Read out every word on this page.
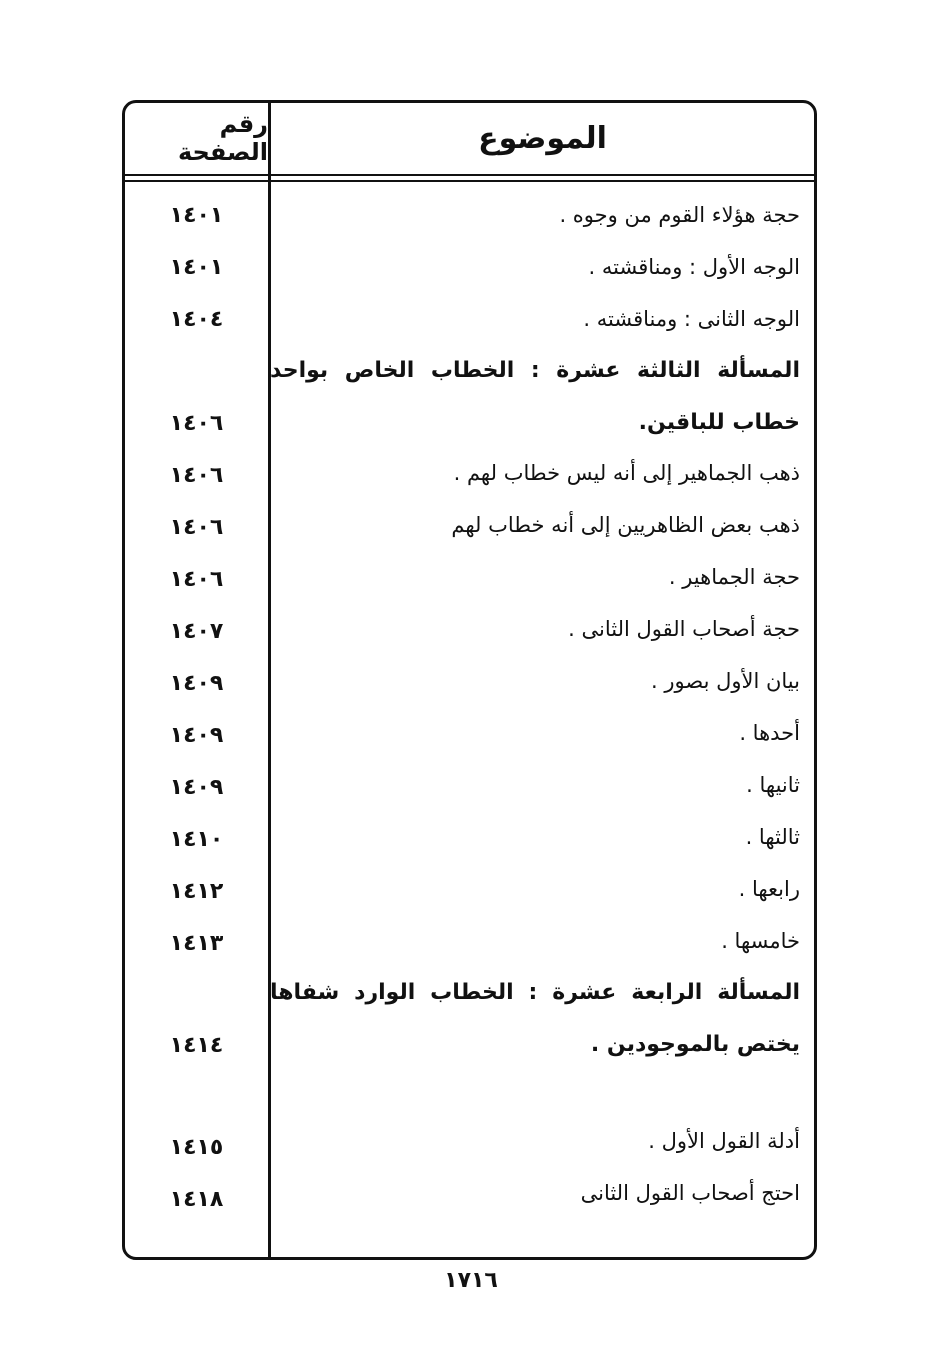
الموضوع
رقم الصفحة
حجة هؤلاء القوم من وجوه .
١٤٠١
الوجه الأول : ومناقشته .
١٤٠١
الوجه الثانى : ومناقشته .
١٤٠٤
المسألة الثالثة عشرة : الخطاب الخاص بواحد خطاب للباقين.
١٤٠٦
ذهب الجماهير إلى أنه ليس خطاب لهم .
١٤٠٦
ذهب بعض الظاهريين إلى أنه خطاب لهم
١٤٠٦
حجة الجماهير .
١٤٠٦
حجة أصحاب القول الثانى .
١٤٠٧
بيان الأول بصور .
١٤٠٩
أحدها .
١٤٠٩
ثانيها .
١٤٠٩
ثالثها .
١٤١٠
رابعها .
١٤١٢
خامسها .
١٤١٣
المسألة الرابعة عشرة : الخطاب الوارد شفاها يختص بالموجودين .
١٤١٤
أدلة القول الأول .
١٤١٥
احتج أصحاب القول الثانى
١٤١٨
١٧١٦
